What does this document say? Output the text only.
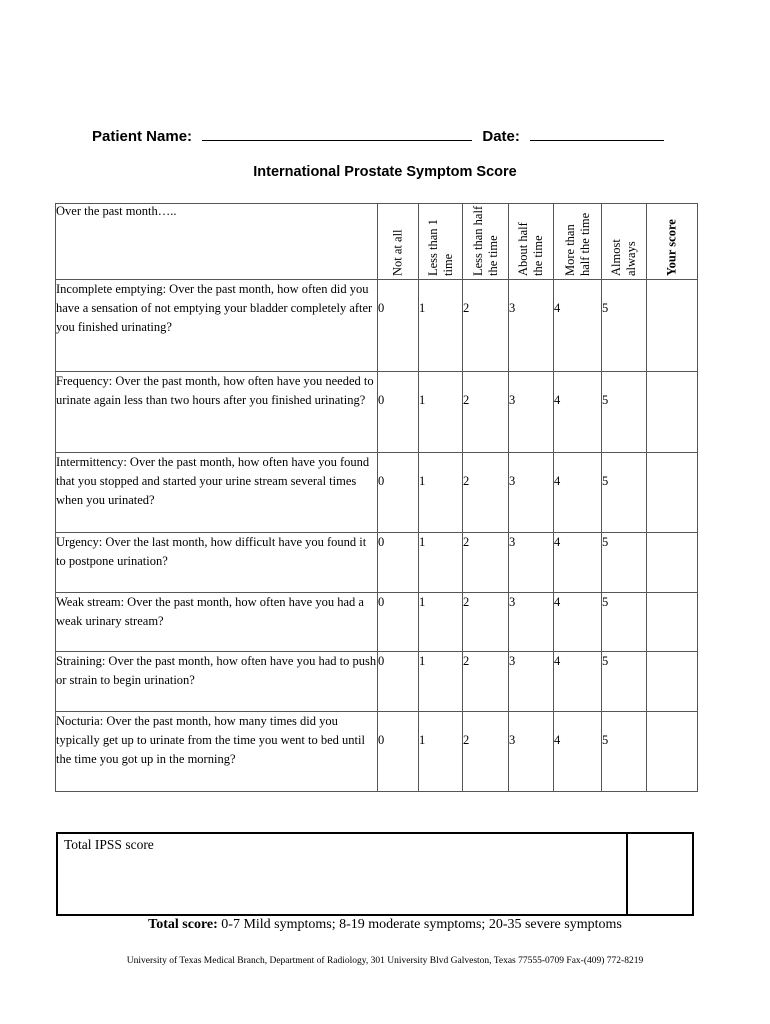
Patient Name:	Date:
International Prostate Symptom Score
Over the past month…..	Not at all	Less than 1 time	Less than half the time	About half the time	More than half the time	Almost always	Your score

Incomplete emptying: Over the past month, how often did you have a sensation of not emptying your bladder completely after you finished urinating?	0	1	2	3	4	5	
Frequency: Over the past month, how often have you needed to urinate again less than two hours after you finished urinating?	0	1	2	3	4	5	
Intermittency: Over the past month, how often have you found that you stopped and started your urine stream several times when you urinated?	0	1	2	3	4	5	
Urgency: Over the last month, how difficult have you found it to postpone urination?	0	1	2	3	4	5	
Weak stream: Over the past month, how often have you had a weak urinary stream?	0	1	2	3	4	5	
Straining: Over the past month, how often have you had to push or strain to begin urination?	0	1	2	3	4	5	
Nocturia: Over the past month, how many times did you typically get up to urinate from the time you went to bed until the time you got up in the morning?	0	1	2	3	4	5	
Total IPSS score
Total score: 0-7 Mild symptoms; 8-19 moderate symptoms; 20-35 severe symptoms
University of Texas Medical Branch, Department of Radiology, 301 University Blvd Galveston, Texas 77555-0709 Fax-(409) 772-8219
